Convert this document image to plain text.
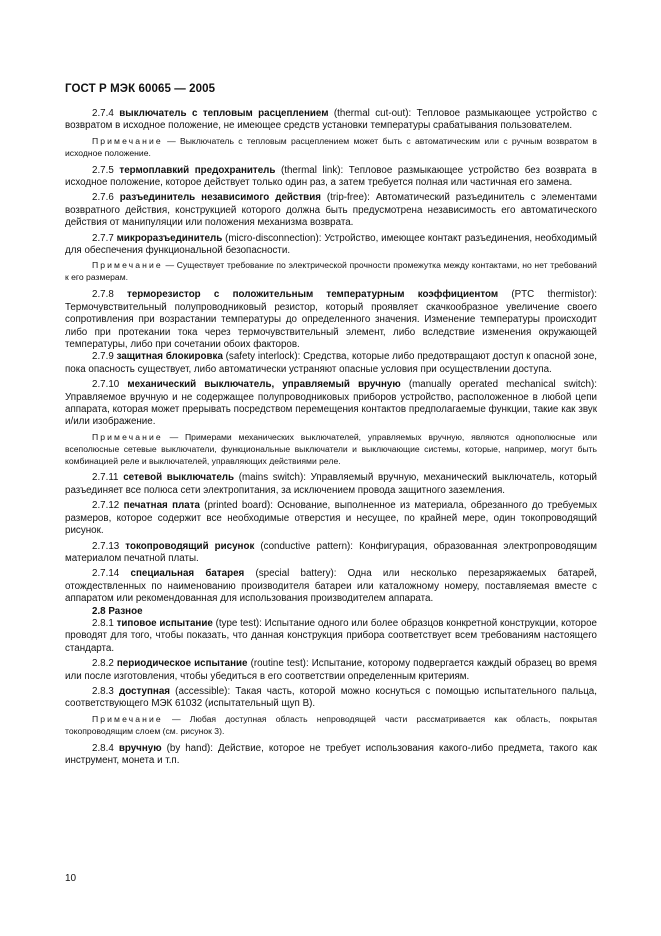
ГОСТ Р МЭК 60065 — 2005

2.7.4 выключатель с тепловым расцеплением (thermal cut-out): Тепловое размыкающее устройство с возвратом в исходное положение, не имеющее средств установки температуры срабатывания пользователем.

Примечание — Выключатель с тепловым расцеплением может быть с автоматическим или с ручным возвратом в исходное положение.

2.7.5 термоплавкий предохранитель (thermal link): Тепловое размыкающее устройство без возврата в исходное положение, которое действует только один раз, а затем требуется полная или частичная его замена.

2.7.6 разъединитель независимого действия (trip-free): Автоматический разъединитель с элементами возвратного действия, конструкцией которого должна быть предусмотрена независимость его автоматического действия от манипуляции или положения механизма возврата.

2.7.7 микроразъединитель (micro-disconnection): Устройство, имеющее контакт разъединения, необходимый для обеспечения функциональной безопасности.

Примечание — Существует требование по электрической прочности промежутка между контактами, но нет требований к его размерам.

2.7.8 терморезистор с положительным температурным коэффициентом (PTC thermistor): Термочувствительный полупроводниковый резистор, который проявляет скачкообразное увеличение своего сопротивления при возрастании температуры до определенного значения. Изменение температуры происходит либо при протекании тока через термочувствительный элемент, либо вследствие изменения окружающей температуры, либо при сочетании обоих факторов.

2.7.9 защитная блокировка (safety interlock): Средства, которые либо предотвращают доступ к опасной зоне, пока опасность существует, либо автоматически устраняют опасные условия при осуществлении доступа.

2.7.10 механический выключатель, управляемый вручную (manually operated mechanical switch): Управляемое вручную и не содержащее полупроводниковых приборов устройство, расположенное в любой цепи аппарата, которая может прерывать посредством перемещения контактов предполагаемые функции, такие как звук и/или изображение.

Примечание — Примерами механических выключателей, управляемых вручную, являются однополюсные или всеполюсные сетевые выключатели, функциональные выключатели и выключающие системы, которые, например, могут быть комбинацией реле и выключателей, управляющих действиями реле.

2.7.11 сетевой выключатель (mains switch): Управляемый вручную, механический выключатель, который разъединяет все полюса сети электропитания, за исключением провода защитного заземления.

2.7.12 печатная плата (printed board): Основание, выполненное из материала, обрезанного до требуемых размеров, которое содержит все необходимые отверстия и несущее, по крайней мере, один токопроводящий рисунок.

2.7.13 токопроводящий рисунок (conductive pattern): Конфигурация, образованная электропроводящим материалом печатной платы.

2.7.14 специальная батарея (special battery): Одна или несколько перезаряжаемых батарей, отождествленных по наименованию производителя батареи или каталожному номеру, поставляемая вместе с аппаратом или рекомендованная для использования производителем аппарата.

2.8 Разное

2.8.1 типовое испытание (type test): Испытание одного или более образцов конкретной конструкции, которое проводят для того, чтобы показать, что данная конструкция прибора соответствует всем требованиям настоящего стандарта.

2.8.2 периодическое испытание (routine test): Испытание, которому подвергается каждый образец во время или после изготовления, чтобы убедиться в его соответствии определенным критериям.

2.8.3 доступная (accessible): Такая часть, которой можно коснуться с помощью испытательного пальца, соответствующего МЭК 61032 (испытательный щуп В).

Примечание — Любая доступная область непроводящей части рассматривается как область, покрытая токопроводящим слоем (см. рисунок 3).

2.8.4 вручную (by hand): Действие, которое не требует использования какого-либо предмета, такого как инструмент, монета и т.п.

10
